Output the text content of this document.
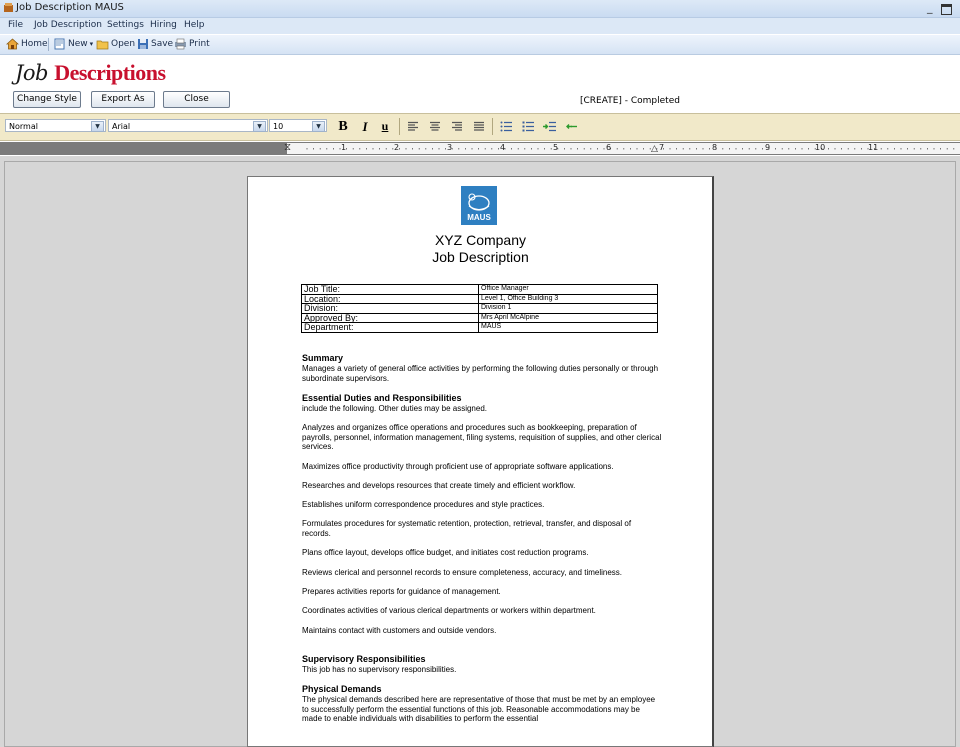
Job Description MAUS	_
File Job Description Settings Hiring Help
Home New ▾ Open Save Print
Job Descriptions
Change Style	Export As	Close	[CREATE] - Completed
Normal	▼	Arial	▼	10	▼ B	I	u
⧖	△
1	2	3	4	5	6	7	8	9	10	11
MAUS
XYZ Company
Job Description
Job Title:	Office Manager
Location:	Level 1, Office Building 3
Division:	Division 1
Approved By:	Mrs April McAlpine
Department:	MAUS
Summary
Manages a variety of general office activities by performing the following duties personally or through subordinate supervisors.
Essential Duties and Responsibilities
include the following. Other duties may be assigned.
Analyzes and organizes office operations and procedures such as bookkeeping, preparation of payrolls, personnel, information management, filing systems, requisition of supplies, and other clerical services.
Maximizes office productivity through proficient use of appropriate software applications.
Researches and develops resources that create timely and efficient workflow.
Establishes uniform correspondence procedures and style practices.
Formulates procedures for systematic retention, protection, retrieval, transfer, and disposal of records.
Plans office layout, develops office budget, and initiates cost reduction programs.
Reviews clerical and personnel records to ensure completeness, accuracy, and timeliness.
Prepares activities reports for guidance of management.
Coordinates activities of various clerical departments or workers within department.
Maintains contact with customers and outside vendors.
Supervisory Responsibilities
This job has no supervisory responsibilities.
Physical Demands
The physical demands described here are representative of those that must be met by an employee to successfully perform the essential functions of this job. Reasonable accommodations may be made to enable individuals with disabilities to perform the essential
